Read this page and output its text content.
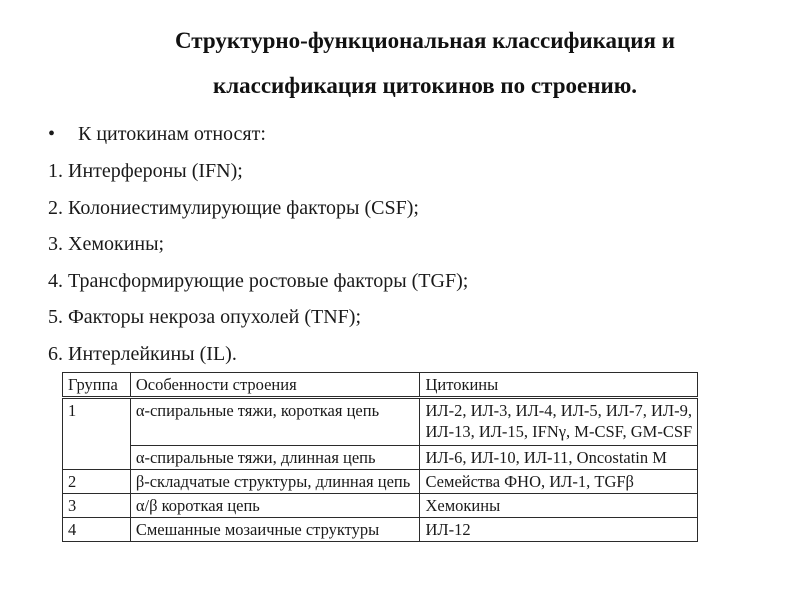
Структурно-функциональная классификация и
классификация цитокинов по строению.
• К цитокинам относят:
1. Интерфероны (IFN);
2. Колониестимулирующие факторы (CSF);
3. Хемокины;
4. Трансформирующие ростовые факторы (TGF);
5. Факторы некроза опухолей (TNF);
6. Интерлейкины (IL).
Группа	Особенности строения	Цитокины
1	α-спиральные тяжи, короткая цепь	ИЛ-2, ИЛ-3, ИЛ-4, ИЛ-5, ИЛ-7, ИЛ-9,
ИЛ-13, ИЛ-15, IFNγ, M-CSF, GM-CSF
	α-спиральные тяжи, длинная цепь	ИЛ-6, ИЛ-10, ИЛ-11, Oncostatin M
2	β-складчатые структуры, длинная цепь	Семейства ФНО, ИЛ-1, TGFβ
3	α/β короткая цепь	Хемокины
4	Смешанные мозаичные структуры	ИЛ-12
